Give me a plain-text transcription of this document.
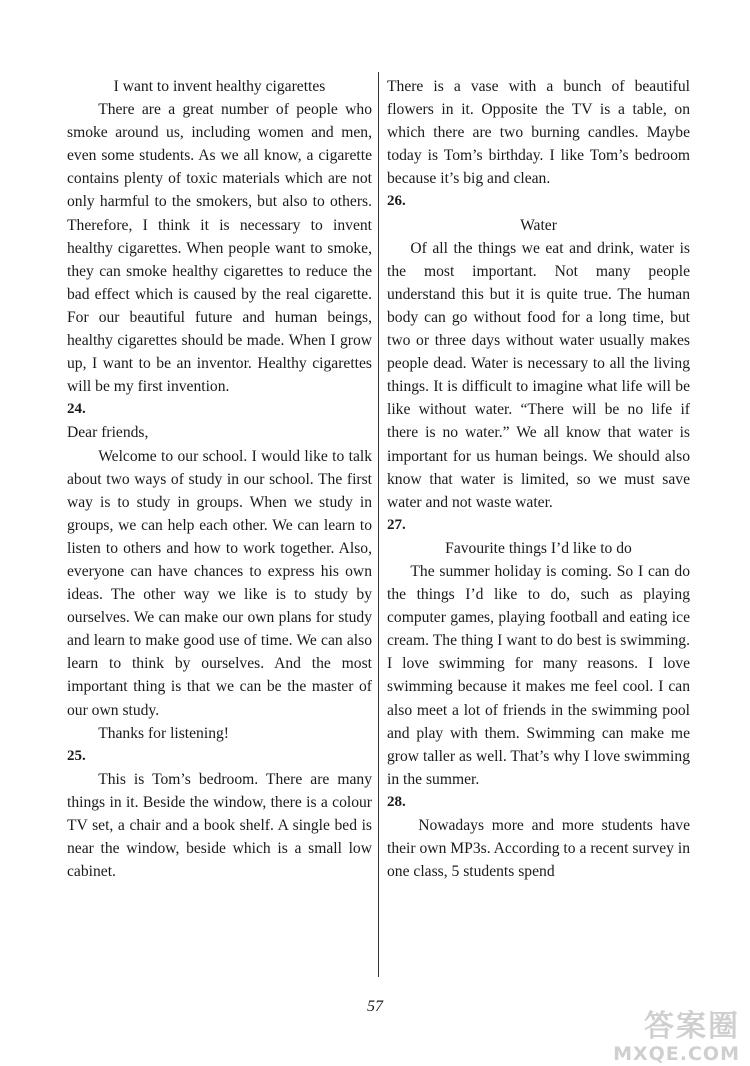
I want to invent healthy cigarettes

There are a great number of people who smoke around us, including women and men, even some students. As we all know, a cigarette contains plenty of toxic materials which are not only harmful to the smokers, but also to others. Therefore, I think it is necessary to invent healthy cigarettes. When people want to smoke, they can smoke healthy cigarettes to reduce the bad effect which is caused by the real cigarette. For our beautiful future and human beings, healthy cigarettes should be made. When I grow up, I want to be an inventor. Healthy cigarettes will be my first invention.

24.

Dear friends,

Welcome to our school. I would like to talk about two ways of study in our school. The first way is to study in groups. When we study in groups, we can help each other. We can learn to listen to others and how to work together. Also, everyone can have chances to express his own ideas. The other way we like is to study by ourselves. We can make our own plans for study and learn to make good use of time. We can also learn to think by ourselves. And the most important thing is that we can be the master of our own study.

Thanks for listening!

25.

This is Tom’s bedroom. There are many things in it. Beside the window, there is a colour TV set, a chair and a book shelf. A single bed is near the window, beside which is a small low cabinet.

There is a vase with a bunch of beautiful flowers in it. Opposite the TV is a table, on which there are two burning candles. Maybe today is Tom’s birthday. I like Tom’s bedroom because it’s big and clean.

26.

Water

Of all the things we eat and drink, water is the most important. Not many people understand this but it is quite true. The human body can go without food for a long time, but two or three days without water usually makes people dead. Water is necessary to all the living things. It is difficult to imagine what life will be like without water. “There will be no life if there is no water.” We all know that water is important for us human beings. We should also know that water is limited, so we must save water and not waste water.

27.

Favourite things I’d like to do

The summer holiday is coming. So I can do the things I’d like to do, such as playing computer games, playing football and eating ice cream. The thing I want to do best is swimming. I love swimming for many reasons. I love swimming because it makes me feel cool. I can also meet a lot of friends in the swimming pool and play with them. Swimming can make me grow taller as well. That’s why I love swimming in the summer.

28.

Nowadays more and more students have their own MP3s. According to a recent survey in one class, 5 students spend

57
答案圈
MXQE.COM
